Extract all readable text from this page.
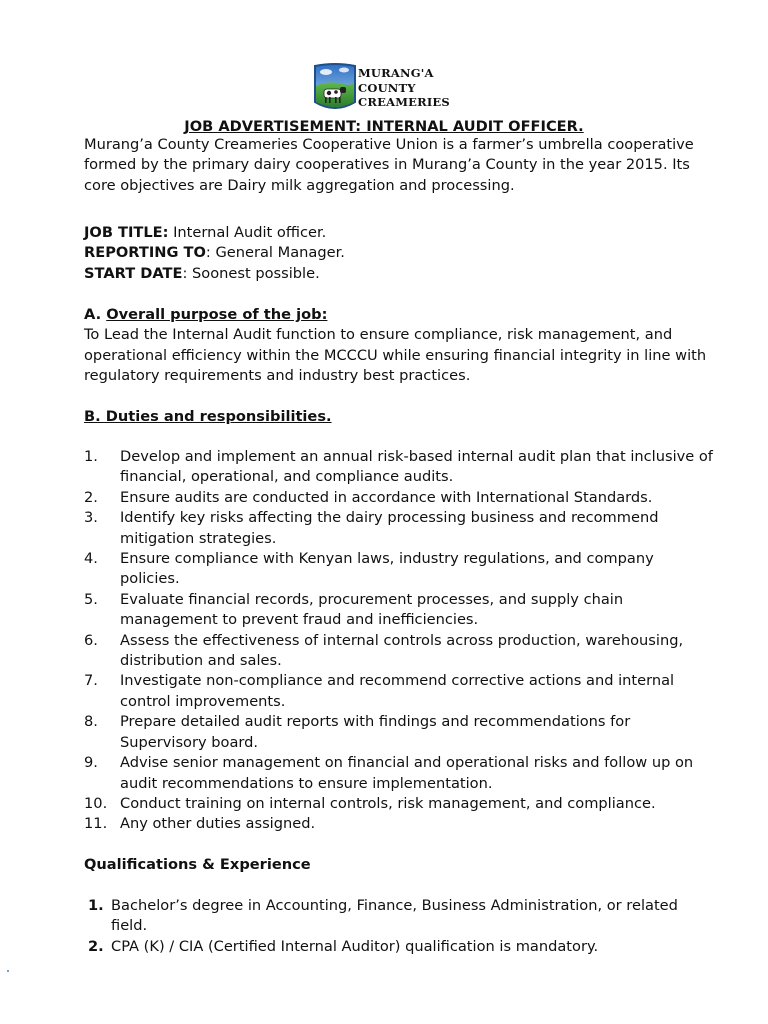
MURANG'A
COUNTY
CREAMERIES
JOB ADVERTISEMENT: INTERNAL AUDIT OFFICER.
Murang’a County Creameries Cooperative Union is a farmer’s umbrella cooperative formed by the primary dairy cooperatives in Murang’a County in the year 2015. Its core objectives are Dairy milk aggregation and processing.
JOB TITLE: Internal Audit officer.
REPORTING TO: General Manager.
START DATE: Soonest possible.
A. Overall purpose of the job:
To Lead the Internal Audit function to ensure compliance, risk management, and operational efficiency within the MCCCU while ensuring financial integrity in line with regulatory requirements and industry best practices.
B. Duties and responsibilities.
1. Develop and implement an annual risk-based internal audit plan that inclusive of financial, operational, and compliance audits.
2. Ensure audits are conducted in accordance with International Standards.
3. Identify key risks affecting the dairy processing business and recommend mitigation strategies.
4. Ensure compliance with Kenyan laws, industry regulations, and company policies.
5. Evaluate financial records, procurement processes, and supply chain management to prevent fraud and inefficiencies.
6. Assess the effectiveness of internal controls across production, warehousing, distribution and sales.
7. Investigate non-compliance and recommend corrective actions and internal control improvements.
8. Prepare detailed audit reports with findings and recommendations for Supervisory board.
9. Advise senior management on financial and operational risks and follow up on audit recommendations to ensure implementation.
10. Conduct training on internal controls, risk management, and compliance.
11. Any other duties assigned.
Qualifications & Experience
1. Bachelor’s degree in Accounting, Finance, Business Administration, or related field.
2. CPA (K) / CIA (Certified Internal Auditor) qualification is mandatory.
